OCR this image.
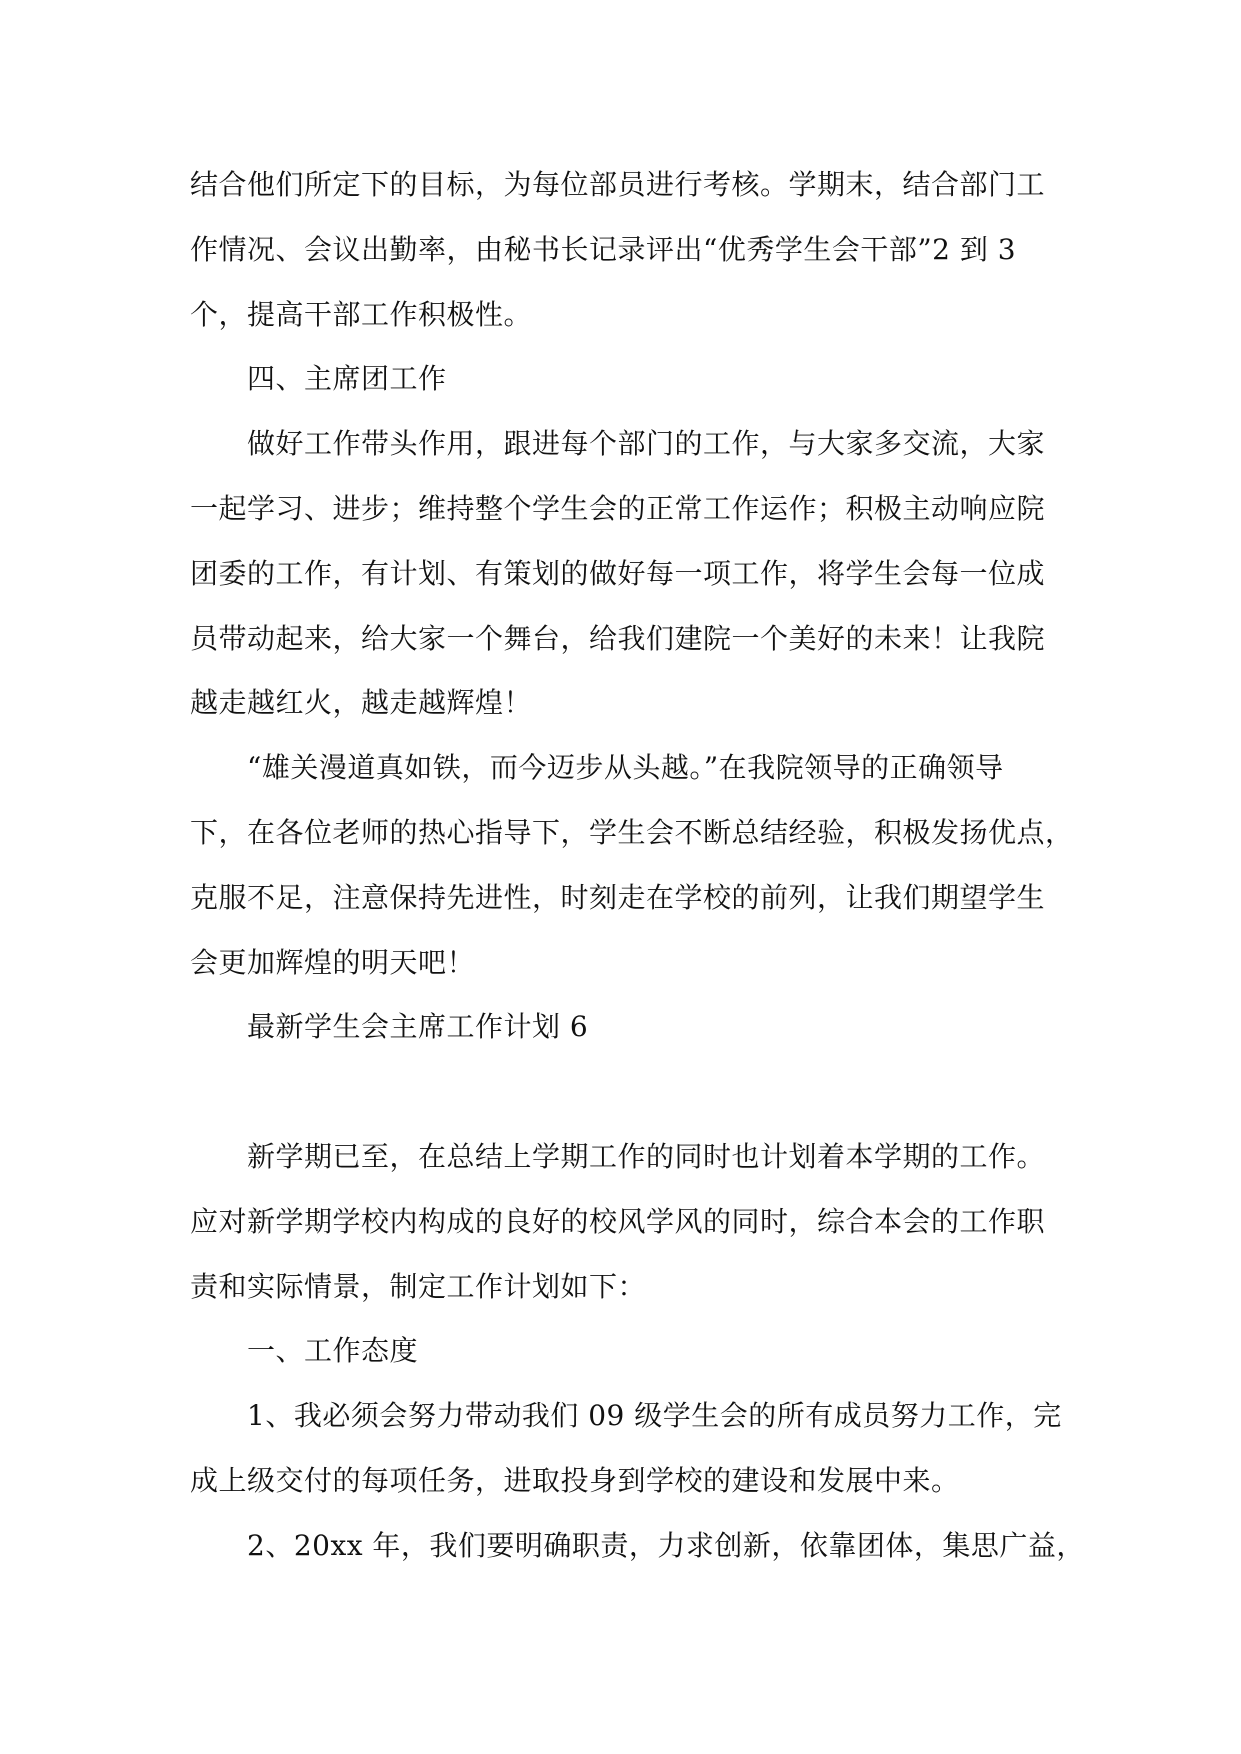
结合他们所定下的目标，为每位部员进行考核。学期末，结合部门工

作情况、会议出勤率，由秘书长记录评出“优秀学生会干部”2 到 3

个，提高干部工作积极性。

四、主席团工作

做好工作带头作用，跟进每个部门的工作，与大家多交流，大家

一起学习、进步；维持整个学生会的正常工作运作；积极主动响应院

团委的工作，有计划、有策划的做好每一项工作，将学生会每一位成

员带动起来，给大家一个舞台，给我们建院一个美好的未来！让我院

越走越红火，越走越辉煌！

“雄关漫道真如铁，而今迈步从头越。”在我院领导的正确领导

下，在各位老师的热心指导下，学生会不断总结经验，积极发扬优点，

克服不足，注意保持先进性，时刻走在学校的前列，让我们期望学生

会更加辉煌的明天吧！

最新学生会主席工作计划 6

新学期已至，在总结上学期工作的同时也计划着本学期的工作。

应对新学期学校内构成的良好的校风学风的同时，综合本会的工作职

责和实际情景，制定工作计划如下：

一、工作态度

1、我必须会努力带动我们 09 级学生会的所有成员努力工作，完

成上级交付的每项任务，进取投身到学校的建设和发展中来。

2、20xx 年，我们要明确职责，力求创新，依靠团体，集思广益，
